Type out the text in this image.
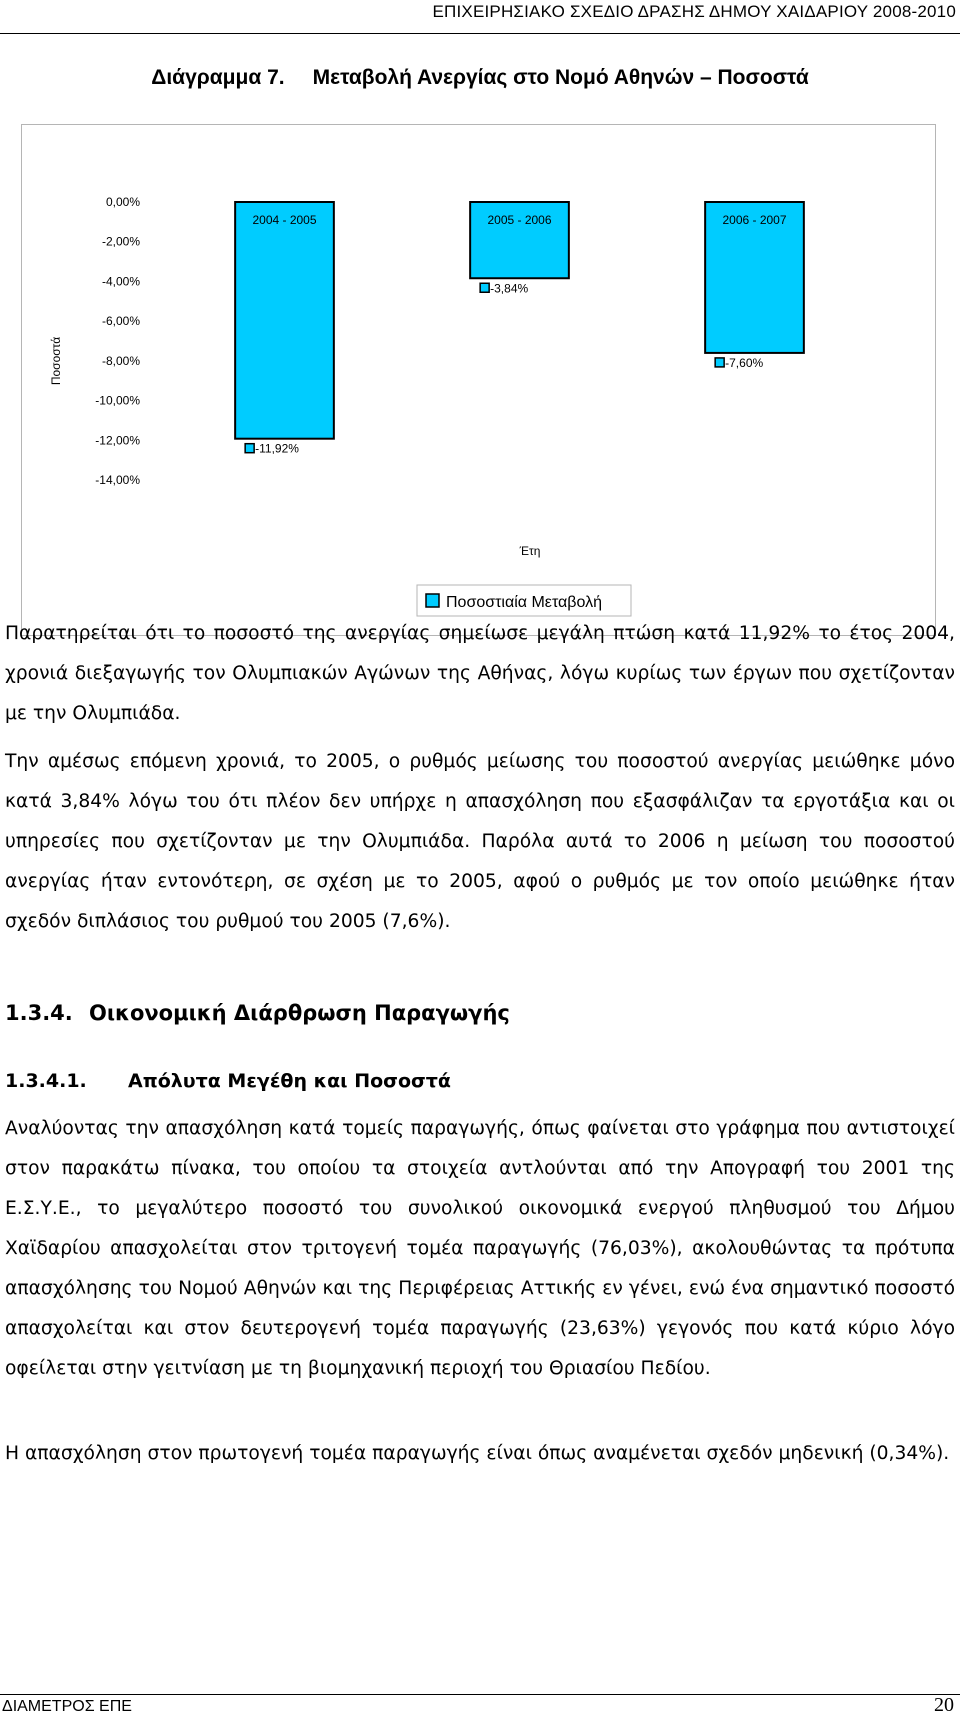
ΕΠΙΧΕΙΡΗΣΙΑΚΟ ΣΧΕΔΙΟ ΔΡΑΣΗΣ ΔΗΜΟΥ ΧΑΙΔΑΡΙΟΥ 2008-2010
Διάγραμμα 7. Μεταβολή Ανεργίας στο Νομό Αθηνών – Ποσοστά
0,00%
-2,00%
-4,00%
-6,00%
-8,00%
-10,00%
-12,00%
-14,00%
2004 - 2005	2005 - 2006	2006 - 2007
-11,92%
-3,84%
-7,60%
Ποσοστά
Έτη
Ποσοστιαία Μεταβολή

Παρατηρείται ότι το ποσοστό της ανεργίας σημείωσε μεγάλη πτώση κατά 11,92% το έτος 2004, χρονιά διεξαγωγής τον Ολυμπιακών Αγώνων της Αθήνας, λόγω κυρίως των έργων που σχετίζονταν με την Ολυμπιάδα.

Την αμέσως επόμενη χρονιά, το 2005, ο ρυθμός μείωσης του ποσοστού ανεργίας μειώθηκε μόνο κατά 3,84% λόγω του ότι πλέον δεν υπήρχε η απασχόληση που εξασφάλιζαν τα εργοτάξια και οι υπηρεσίες που σχετίζονταν με την Ολυμπιάδα. Παρόλα αυτά το 2006 η μείωση του ποσοστού ανεργίας ήταν εντονότερη, σε σχέση με το 2005, αφού ο ρυθμός με τον οποίο μειώθηκε ήταν σχεδόν διπλάσιος του ρυθμού του 2005 (7,6%).

1.3.4. Οικονομική Διάρθρωση Παραγωγής
1.3.4.1. Απόλυτα Μεγέθη και Ποσοστά

Αναλύοντας την απασχόληση κατά τομείς παραγωγής, όπως φαίνεται στο γράφημα που αντιστοιχεί στον παρακάτω πίνακα, του οποίου τα στοιχεία αντλούνται από την Απογραφή του 2001 της Ε.Σ.Υ.Ε., το μεγαλύτερο ποσοστό του συνολικού οικονομικά ενεργού πληθυσμού του Δήμου Χαϊδαρίου απασχολείται στον τριτογενή τομέα παραγωγής (76,03%), ακολουθώντας τα πρότυπα απασχόλησης του Νομού Αθηνών και της Περιφέρειας Αττικής εν γένει, ενώ ένα σημαντικό ποσοστό απασχολείται και στον δευτερογενή τομέα παραγωγής (23,63%) γεγονός που κατά κύριο λόγο οφείλεται στην γειτνίαση με τη βιομηχανική περιοχή του Θριασίου Πεδίου.

Η απασχόληση στον πρωτογενή τομέα παραγωγής είναι όπως αναμένεται σχεδόν μηδενική (0,34%).

ΔΙΑΜΕΤΡΟΣ ΕΠΕ	20
